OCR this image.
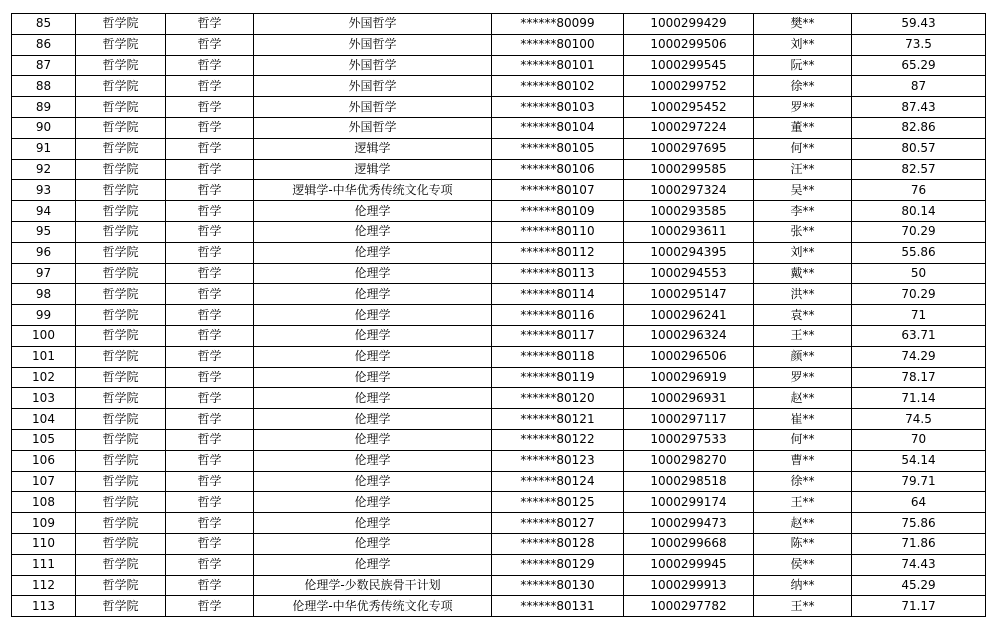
85	哲学院	哲学	外国哲学	******80099	1000299429	樊**	59.43
86	哲学院	哲学	外国哲学	******80100	1000299506	刘**	73.5
87	哲学院	哲学	外国哲学	******80101	1000299545	阮**	65.29
88	哲学院	哲学	外国哲学	******80102	1000299752	徐**	87
89	哲学院	哲学	外国哲学	******80103	1000295452	罗**	87.43
90	哲学院	哲学	外国哲学	******80104	1000297224	董**	82.86
91	哲学院	哲学	逻辑学	******80105	1000297695	何**	80.57
92	哲学院	哲学	逻辑学	******80106	1000299585	汪**	82.57
93	哲学院	哲学	逻辑学-中华优秀传统文化专项	******80107	1000297324	吴**	76
94	哲学院	哲学	伦理学	******80109	1000293585	李**	80.14
95	哲学院	哲学	伦理学	******80110	1000293611	张**	70.29
96	哲学院	哲学	伦理学	******80112	1000294395	刘**	55.86
97	哲学院	哲学	伦理学	******80113	1000294553	戴**	50
98	哲学院	哲学	伦理学	******80114	1000295147	洪**	70.29
99	哲学院	哲学	伦理学	******80116	1000296241	袁**	71
100	哲学院	哲学	伦理学	******80117	1000296324	王**	63.71
101	哲学院	哲学	伦理学	******80118	1000296506	颜**	74.29
102	哲学院	哲学	伦理学	******80119	1000296919	罗**	78.17
103	哲学院	哲学	伦理学	******80120	1000296931	赵**	71.14
104	哲学院	哲学	伦理学	******80121	1000297117	崔**	74.5
105	哲学院	哲学	伦理学	******80122	1000297533	何**	70
106	哲学院	哲学	伦理学	******80123	1000298270	曹**	54.14
107	哲学院	哲学	伦理学	******80124	1000298518	徐**	79.71
108	哲学院	哲学	伦理学	******80125	1000299174	王**	64
109	哲学院	哲学	伦理学	******80127	1000299473	赵**	75.86
110	哲学院	哲学	伦理学	******80128	1000299668	陈**	71.86
111	哲学院	哲学	伦理学	******80129	1000299945	侯**	74.43
112	哲学院	哲学	伦理学-少数民族骨干计划	******80130	1000299913	纳**	45.29
113	哲学院	哲学	伦理学-中华优秀传统文化专项	******80131	1000297782	王**	71.17
